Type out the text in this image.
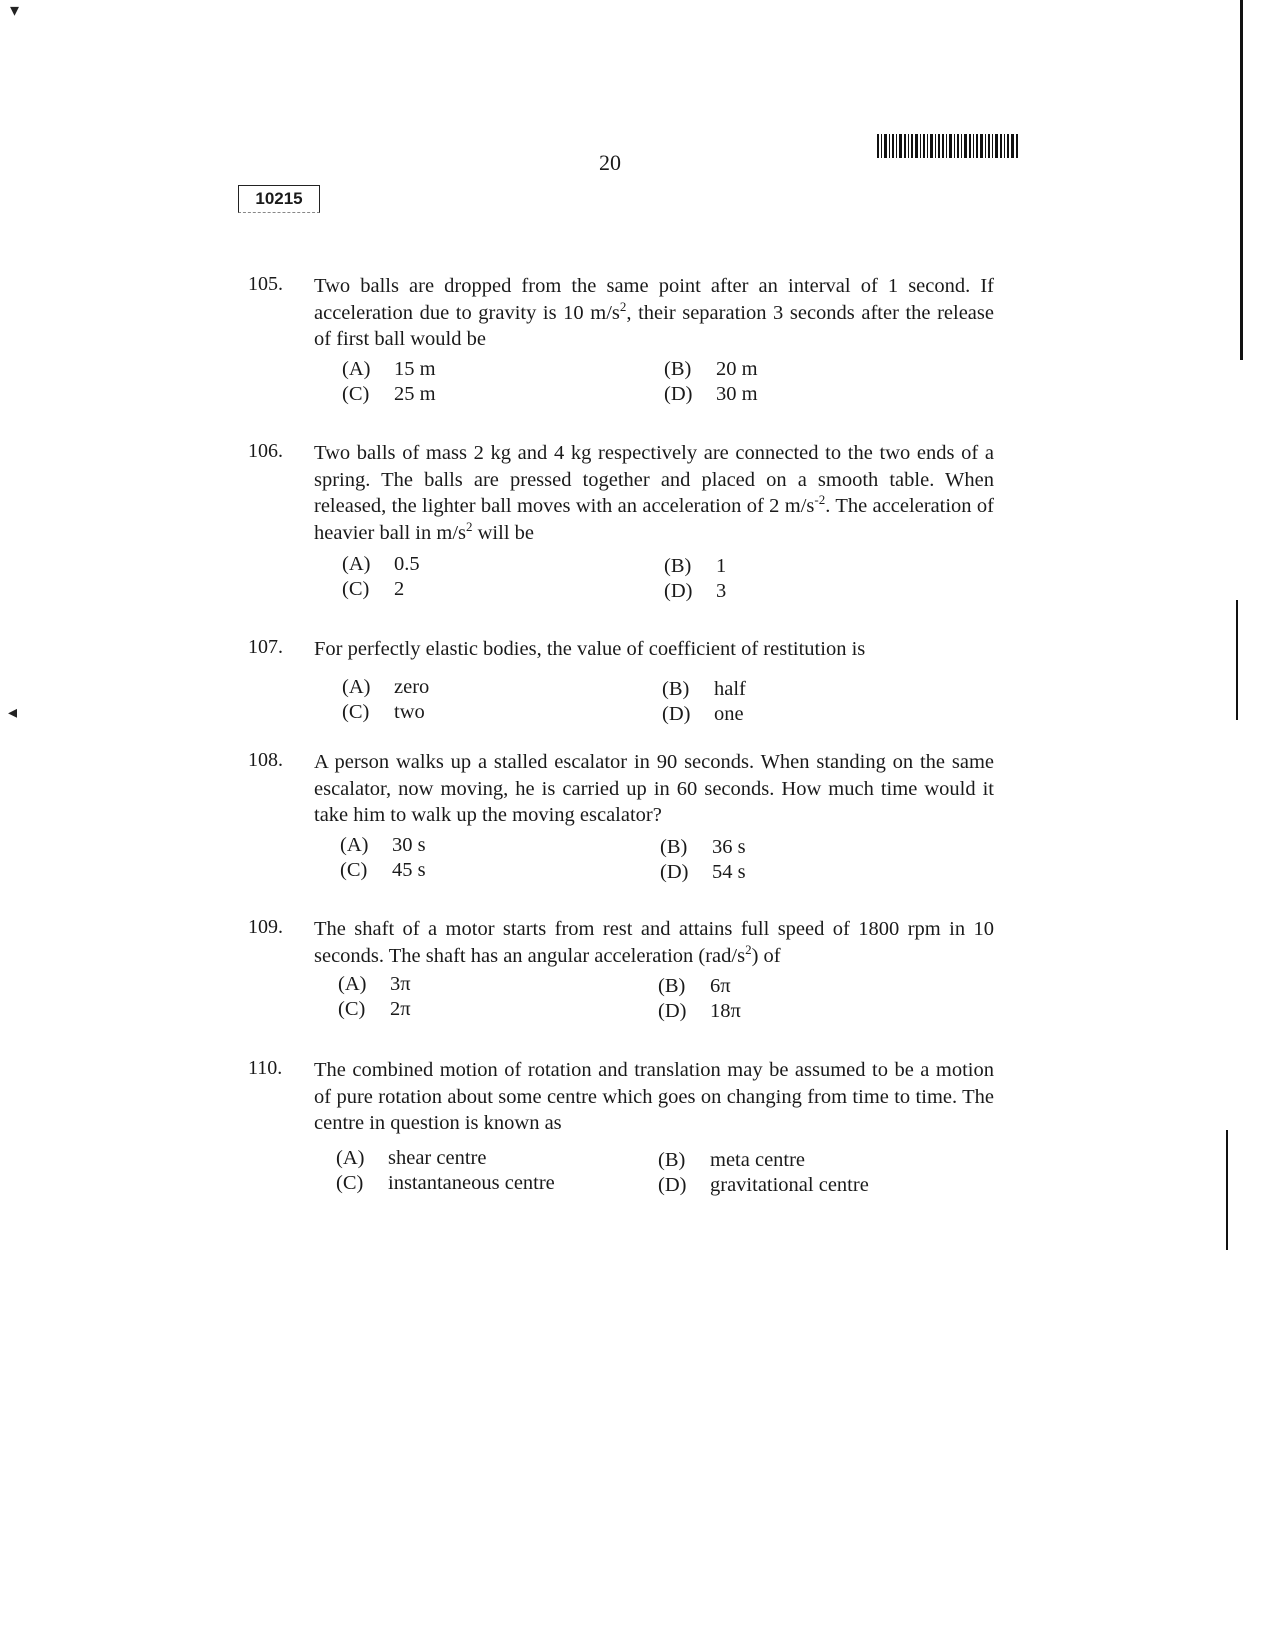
20
10215
105. Two balls are dropped from the same point after an interval of 1 second. If acceleration due to gravity is 10 $m/s^2$, their separation 3 seconds after the release of first ball would be
(A) 15 m	(B) 20 m
(C) 25 m	(D) 30 m
106. Two balls of mass 2 kg and 4 kg respectively are connected to the two ends of a spring. The balls are pressed together and placed on a smooth table. When released, the lighter ball moves with an acceleration of 2 $m/s^{-2}$. The acceleration of heavier ball in $m/s^2$ will be
(A) 0.5	(B) 1
(C) 2	(D) 3
107. For perfectly elastic bodies, the value of coefficient of restitution is
(A) zero	(B) half
(C) two	(D) one
108. A person walks up a stalled escalator in 90 seconds. When standing on the same escalator, now moving, he is carried up in 60 seconds. How much time would it take him to walk up the moving escalator?
(A) 30 s	(B) 36 s
(C) 45 s	(D) 54 s
109. The shaft of a motor starts from rest and attains full speed of 1800 rpm in 10 seconds. The shaft has an angular acceleration $(rad/s^2)$ of
(A) 3π	(B) 6π
(C) 2π	(D) 18π
110. The combined motion of rotation and translation may be assumed to be a motion of pure rotation about some centre which goes on changing from time to time. The centre in question is known as
(A) shear centre	(B) meta centre
(C) instantaneous centre	(D) gravitational centre
▾
◂
